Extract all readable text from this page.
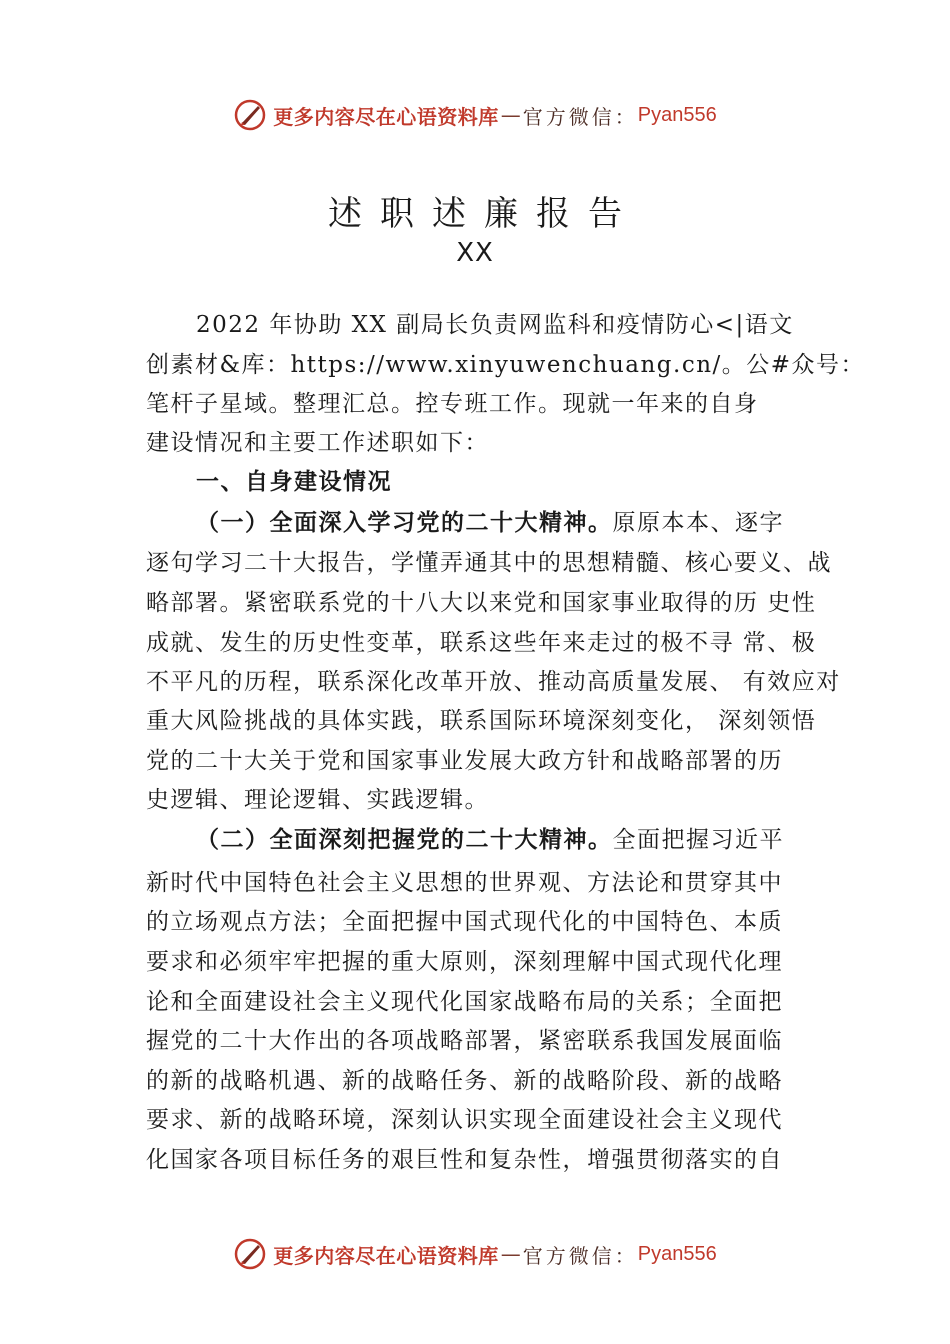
更多内容尽在心语资料库 — 官方微信： Pyan556
述职述廉报告
XX
2022 年协助 XX 副局长负责网监科和疫情防心<|语文
创素材&库：https://www.xinyuwenchuang.cn/。公#众号：
笔杆子星域。整理汇总。控专班工作。现就一年来的自身
建设情况和主要工作述职如下：
一、自身建设情况
（一）全面深入学习党的二十大精神。原原本本、逐字
逐句学习二十大报告，学懂弄通其中的思想精髓、核心要义、战
略部署。紧密联系党的十八大以来党和国家事业取得的历 史性
成就、发生的历史性变革，联系这些年来走过的极不寻 常、极
不平凡的历程，联系深化改革开放、推动高质量发展、 有效应对
重大风险挑战的具体实践，联系国际环境深刻变化， 深刻领悟
党的二十大关于党和国家事业发展大政方针和战略部署的历
史逻辑、理论逻辑、实践逻辑。
（二）全面深刻把握党的二十大精神。全面把握习近平
新时代中国特色社会主义思想的世界观、方法论和贯穿其中
的立场观点方法；全面把握中国式现代化的中国特色、本质
要求和必须牢牢把握的重大原则，深刻理解中国式现代化理
论和全面建设社会主义现代化国家战略布局的关系；全面把
握党的二十大作出的各项战略部署，紧密联系我国发展面临
的新的战略机遇、新的战略任务、新的战略阶段、新的战略
要求、新的战略环境，深刻认识实现全面建设社会主义现代
化国家各项目标任务的艰巨性和复杂性，增强贯彻落实的自
更多内容尽在心语资料库 — 官方微信： Pyan556
